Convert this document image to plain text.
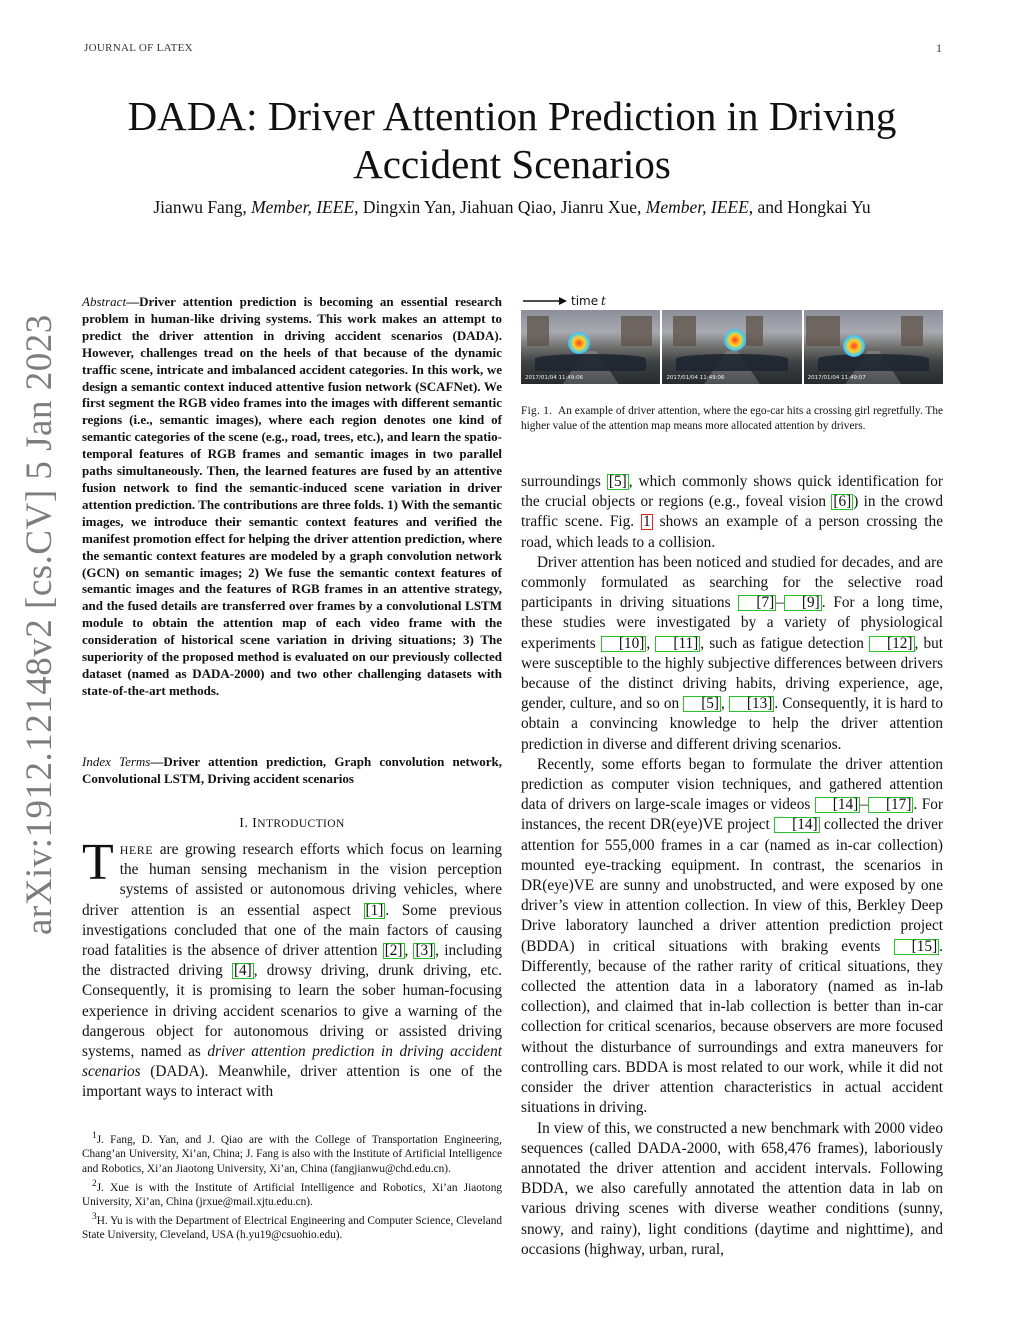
JOURNAL OF LATEX	1
DADA: Driver Attention Prediction in Driving Accident Scenarios
Jianwu Fang, Member, IEEE, Dingxin Yan, Jiahuan Qiao, Jianru Xue, Member, IEEE, and Hongkai Yu
arXiv:1912.12148v2 [cs.CV] 5 Jan 2023
Abstract—Driver attention prediction is becoming an essential research problem in human-like driving systems. This work makes an attempt to predict the driver attention in driving accident scenarios (DADA). However, challenges tread on the heels of that because of the dynamic traffic scene, intricate and imbalanced accident categories. In this work, we design a semantic context induced attentive fusion network (SCAFNet). We first segment the RGB video frames into the images with different semantic regions (i.e., semantic images), where each region denotes one kind of semantic categories of the scene (e.g., road, trees, etc.), and learn the spatio-temporal features of RGB frames and semantic images in two parallel paths simultaneously. Then, the learned features are fused by an attentive fusion network to find the semantic-induced scene variation in driver attention prediction. The contributions are three folds. 1) With the semantic images, we introduce their semantic context features and verified the manifest promotion effect for helping the driver attention prediction, where the semantic context features are modeled by a graph convolution network (GCN) on semantic images; 2) We fuse the semantic context features of semantic images and the features of RGB frames in an attentive strategy, and the fused details are transferred over frames by a convolutional LSTM module to obtain the attention map of each video frame with the consideration of historical scene variation in driving situations; 3) The superiority of the proposed method is evaluated on our previously collected dataset (named as DADA-2000) and two other challenging datasets with state-of-the-art methods.
Index Terms—Driver attention prediction, Graph convolution network, Convolutional LSTM, Driving accident scenarios
I. INTRODUCTION

THERE are growing research efforts which focus on learning the human sensing mechanism in the vision perception systems of assisted or autonomous driving vehicles, where driver attention is an essential aspect [1] . Some previous investigations concluded that one of the main factors of causing road fatalities is the absence of driver attention [2] , [3] , including the distracted driving [4] , drowsy driving, drunk driving, etc. Consequently, it is promising to learn the sober human-focusing experience in driving accident scenarios to give a warning of the dangerous object for autonomous driving or assisted driving systems, named as driver attention prediction in driving accident scenarios (DADA). Meanwhile, driver attention is one of the important ways to interact with

$^1$J. Fang, D. Yan, and J. Qiao are with the College of Transportation Engineering, Chang’an University, Xi’an, China; J. Fang is also with the Institute of Artificial Intelligence and Robotics, Xi’an Jiaotong University, Xi’an, China (fangjianwu@chd.edu.cn).

$^2$J. Xue is with the Institute of Artificial Intelligence and Robotics, Xi’an Jiaotong University, Xi’an, China (jrxue@mail.xjtu.edu.cn).

$^3$H. Yu is with the Department of Electrical Engineering and Computer Science, Cleveland State University, Cleveland, USA (h.yu19@csuohio.edu).

time t
2017/01/04 11:49:06	2017/01/04 11:49:06	2017/01/04 11:49:07
Fig. 1. An example of driver attention, where the ego-car hits a crossing girl regretfully. The higher value of the attention map means more allocated attention by drivers.

surroundings [5] , which commonly shows quick identification for the crucial objects or regions (e.g., foveal vision [6] ) in the crowd traffic scene. Fig. 1 shows an example of a person crossing the road, which leads to a collision.

Driver attention has been noticed and studied for decades, and are commonly formulated as searching for the selective road participants in driving situations [7] – [9] . For a long time, these studies were investigated by a variety of physiological experiments [10] , [11] , such as fatigue detection [12] , but were susceptible to the highly subjective differences between drivers because of the distinct driving habits, driving experience, age, gender, culture, and so on [5] , [13] . Consequently, it is hard to obtain a convincing knowledge to help the driver attention prediction in diverse and different driving scenarios.

Recently, some efforts began to formulate the driver attention prediction as computer vision techniques, and gathered attention data of drivers on large-scale images or videos [14] – [17] . For instances, the recent DR(eye)VE project [14] collected the driver attention for 555,000 frames in a car (named as in-car collection) mounted eye-tracking equipment. In contrast, the scenarios in DR(eye)VE are sunny and unobstructed, and were exposed by one driver’s view in attention collection. In view of this, Berkley Deep Drive laboratory launched a driver attention prediction project (BDDA) in critical situations with braking events [15] . Differently, because of the rather rarity of critical situations, they collected the attention data in a laboratory (named as in-lab collection), and claimed that in-lab collection is better than in-car collection for critical scenarios, because observers are more focused without the disturbance of surroundings and extra maneuvers for controlling cars. BDDA is most related to our work, while it did not consider the driver attention characteristics in actual accident situations in driving.

In view of this, we constructed a new benchmark with 2000 video sequences (called DADA-2000, with 658,476 frames), laboriously annotated the driver attention and accident intervals. Following BDDA, we also carefully annotated the attention data in lab on various driving scenes with diverse weather conditions (sunny, snowy, and rainy), light conditions (daytime and nighttime), and occasions (highway, urban, rural,
